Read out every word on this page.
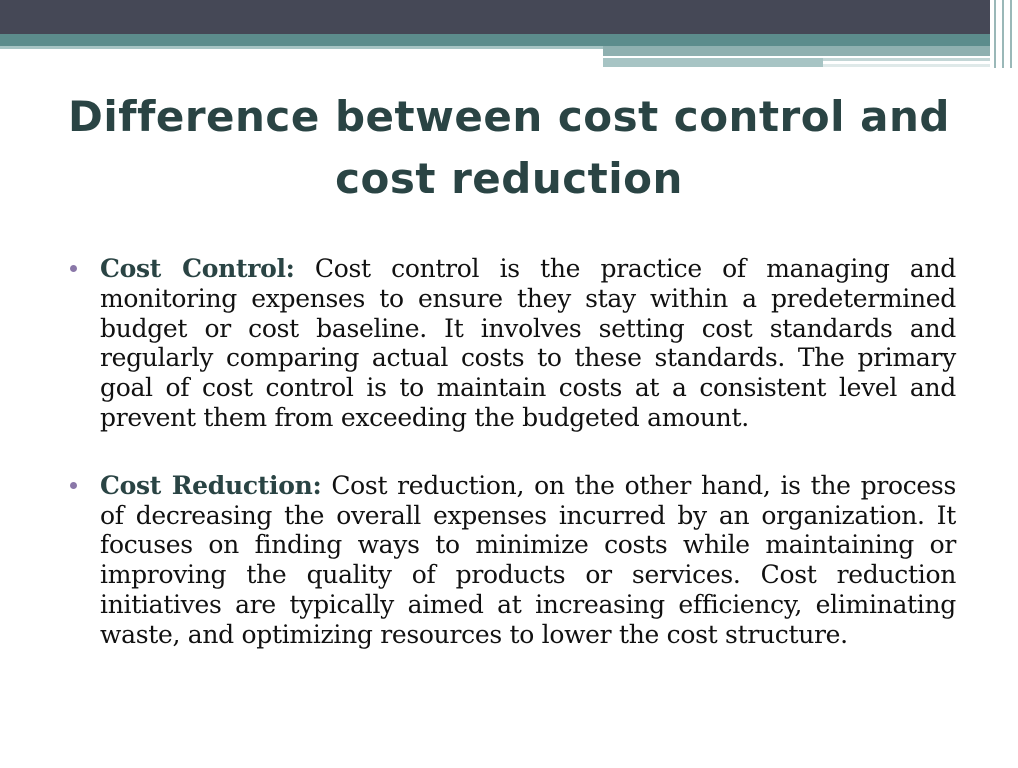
Difference between cost control and cost reduction

Cost Control: Cost control is the practice of managing and monitoring expenses to ensure they stay within a predetermined budget or cost baseline. It involves setting cost standards and regularly comparing actual costs to these standards. The primary goal of cost control is to maintain costs at a consistent level and prevent them from exceeding the budgeted amount.

Cost Reduction: Cost reduction, on the other hand, is the process of decreasing the overall expenses incurred by an organization. It focuses on finding ways to minimize costs while maintaining or improving the quality of products or services. Cost reduction initiatives are typically aimed at increasing efficiency, eliminating waste, and optimizing resources to lower the cost structure.
